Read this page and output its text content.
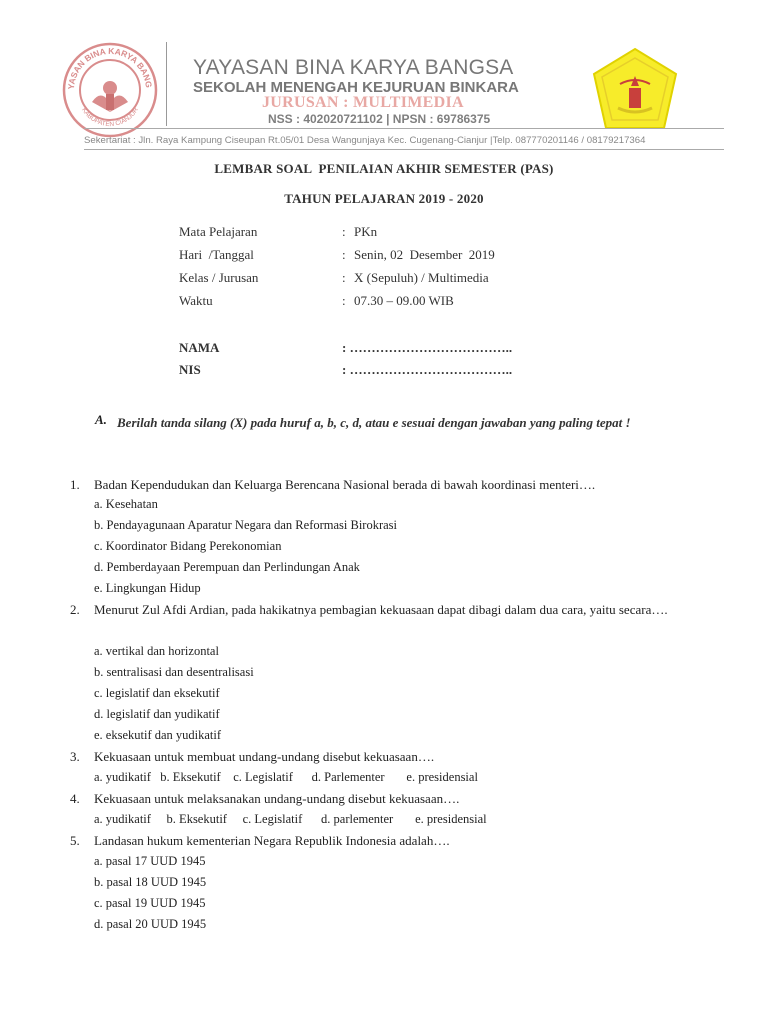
YASAN BINA KARYA BANG
KABUPATEN CIANJUR
YAYASAN BINA KARYA BANGSA
SEKOLAH MENENGAH KEJURUAN BINKARA
JURUSAN : MULTIMEDIA
NSS : 402020721102 | NPSN : 69786375
Sekertariat : Jln. Raya Kampung Ciseupan Rt.05/01 Desa Wangunjaya Kec. Cugenang-Cianjur |Telp. 087770201146 / 08179217364
LEMBAR SOAL  PENILAIAN AKHIR SEMESTER (PAS)
TAHUN PELAJARAN 2019 - 2020
Mata Pelajaran	: PKn
Hari  /Tanggal	: Senin, 02  Desember  2019
Kelas / Jurusan	: X (Sepuluh) / Multimedia
Waktu	: 07.30 – 09.00 WIB
NAMA	: ………………………………..
NIS	: ………………………………..
A. Berilah tanda silang (X) pada huruf a, b, c, d, atau e sesuai dengan jawaban yang paling tepat !
1. Badan Kependudukan dan Keluarga Berencana Nasional berada di bawah koordinasi menteri….
a. Kesehatan
b. Pendayagunaan Aparatur Negara dan Reformasi Birokrasi
c. Koordinator Bidang Perekonomian
d. Pemberdayaan Perempuan dan Perlindungan Anak
e. Lingkungan Hidup
2. Menurut Zul Afdi Ardian, pada hakikatnya pembagian kekuasaan dapat dibagi dalam dua cara, yaitu secara….
a. vertikal dan horizontal
b. sentralisasi dan desentralisasi
c. legislatif dan eksekutif
d. legislatif dan yudikatif
e. eksekutif dan yudikatif
3. Kekuasaan untuk membuat undang-undang disebut kekuasaan….
a. yudikatif   b. Eksekutif    c. Legislatif      d. Parlementer       e. presidensial
4. Kekuasaan untuk melaksanakan undang-undang disebut kekuasaan….
a. yudikatif     b. Eksekutif     c. Legislatif      d. parlementer       e. presidensial
5. Landasan hukum kementerian Negara Republik Indonesia adalah….
a. pasal 17 UUD 1945
b. pasal 18 UUD 1945
c. pasal 19 UUD 1945
d. pasal 20 UUD 1945
